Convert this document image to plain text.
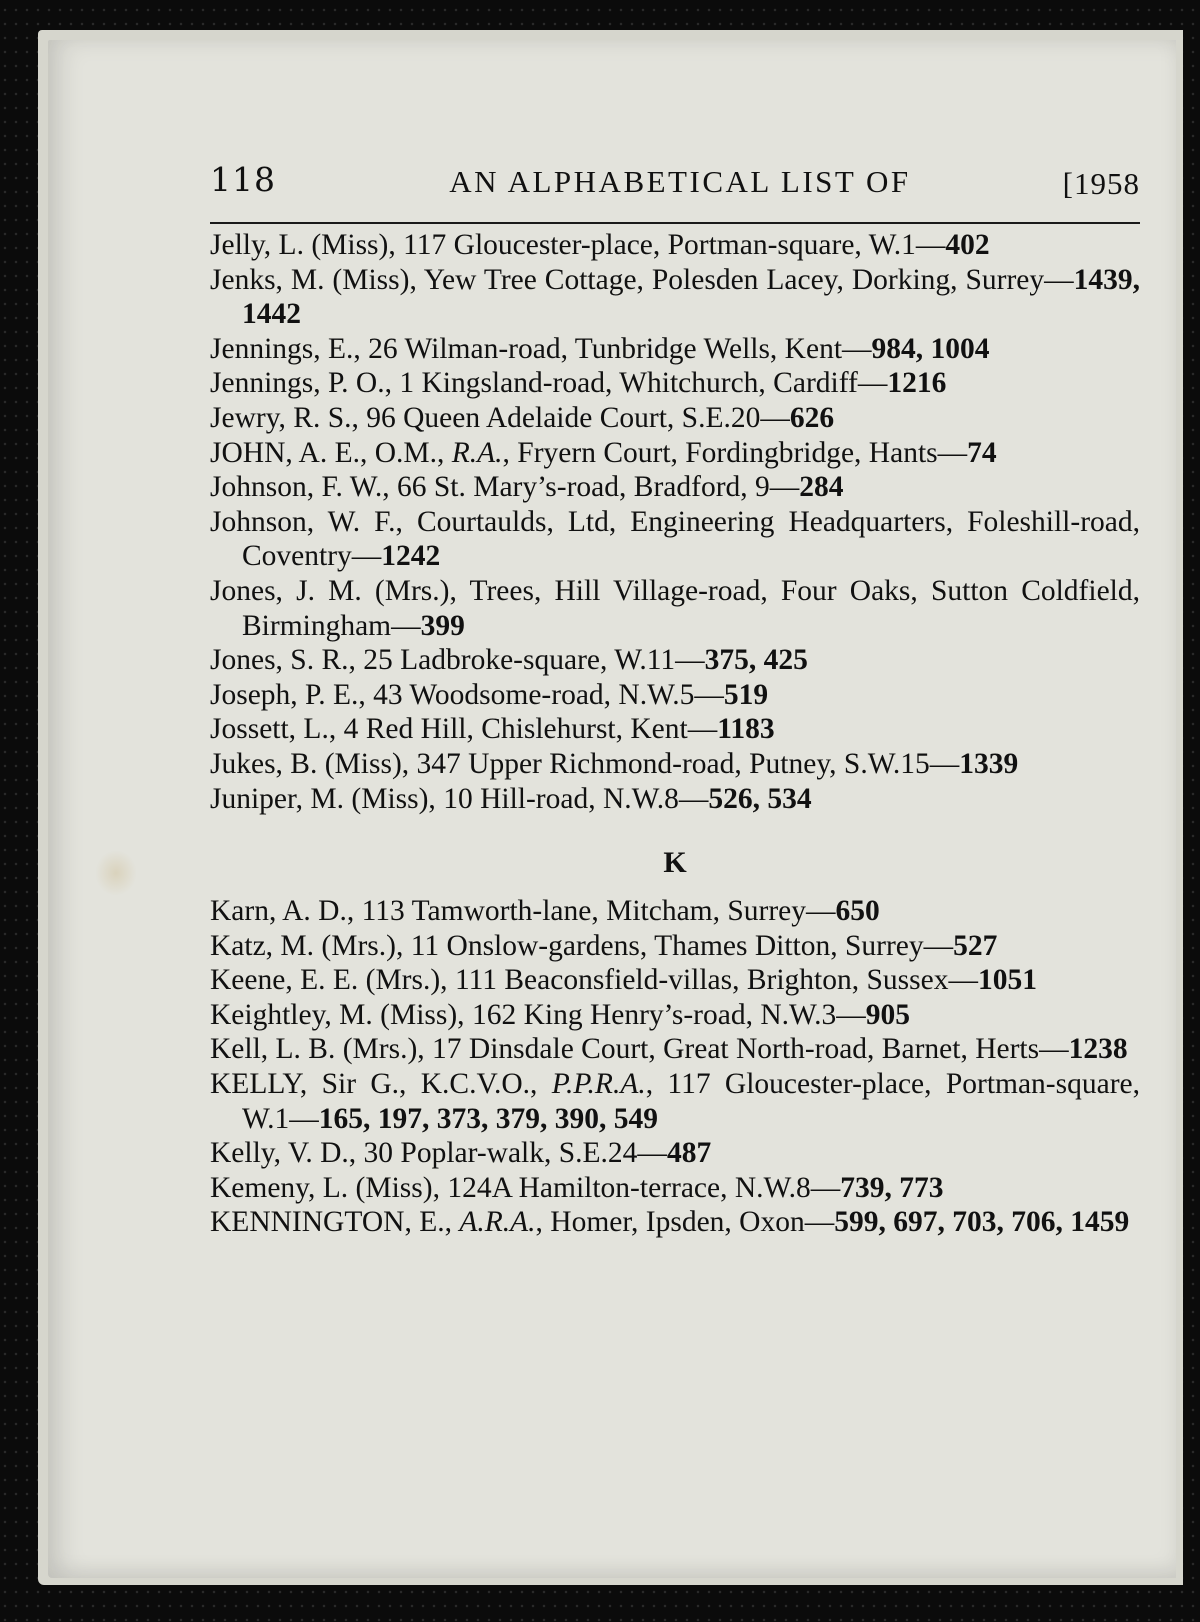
118	AN ALPHABETICAL LIST OF	[1958
Jelly, L. (Miss), 117 Gloucester-place, Portman-square, W.1—402
Jenks, M. (Miss), Yew Tree Cottage, Polesden Lacey, Dorking, Surrey—1439, 1442
Jennings, E., 26 Wilman-road, Tunbridge Wells, Kent—984, 1004
Jennings, P. O., 1 Kingsland-road, Whitchurch, Cardiff—1216
Jewry, R. S., 96 Queen Adelaide Court, S.E.20—626
JOHN, A. E., O.M., R.A., Fryern Court, Fordingbridge, Hants—74
Johnson, F. W., 66 St. Mary’s-road, Bradford, 9—284
Johnson, W. F., Courtaulds, Ltd, Engineering Headquarters, Foleshill-road, Coventry—1242
Jones, J. M. (Mrs.), Trees, Hill Village-road, Four Oaks, Sutton Coldfield, Birmingham—399
Jones, S. R., 25 Ladbroke-square, W.11—375, 425
Joseph, P. E., 43 Woodsome-road, N.W.5—519
Jossett, L., 4 Red Hill, Chislehurst, Kent—1183
Jukes, B. (Miss), 347 Upper Richmond-road, Putney, S.W.15—1339
Juniper, M. (Miss), 10 Hill-road, N.W.8—526, 534
K
Karn, A. D., 113 Tamworth-lane, Mitcham, Surrey—650
Katz, M. (Mrs.), 11 Onslow-gardens, Thames Ditton, Surrey—527
Keene, E. E. (Mrs.), 111 Beaconsfield-villas, Brighton, Sussex—1051
Keightley, M. (Miss), 162 King Henry’s-road, N.W.3—905
Kell, L. B. (Mrs.), 17 Dinsdale Court, Great North-road, Barnet, Herts—1238
KELLY, Sir G., K.C.V.O., P.P.R.A., 117 Gloucester-place, Portman-square, W.1—165, 197, 373, 379, 390, 549
Kelly, V. D., 30 Poplar-walk, S.E.24—487
Kemeny, L. (Miss), 124A Hamilton-terrace, N.W.8—739, 773
KENNINGTON, E., A.R.A., Homer, Ipsden, Oxon—599, 697, 703, 706, 1459
